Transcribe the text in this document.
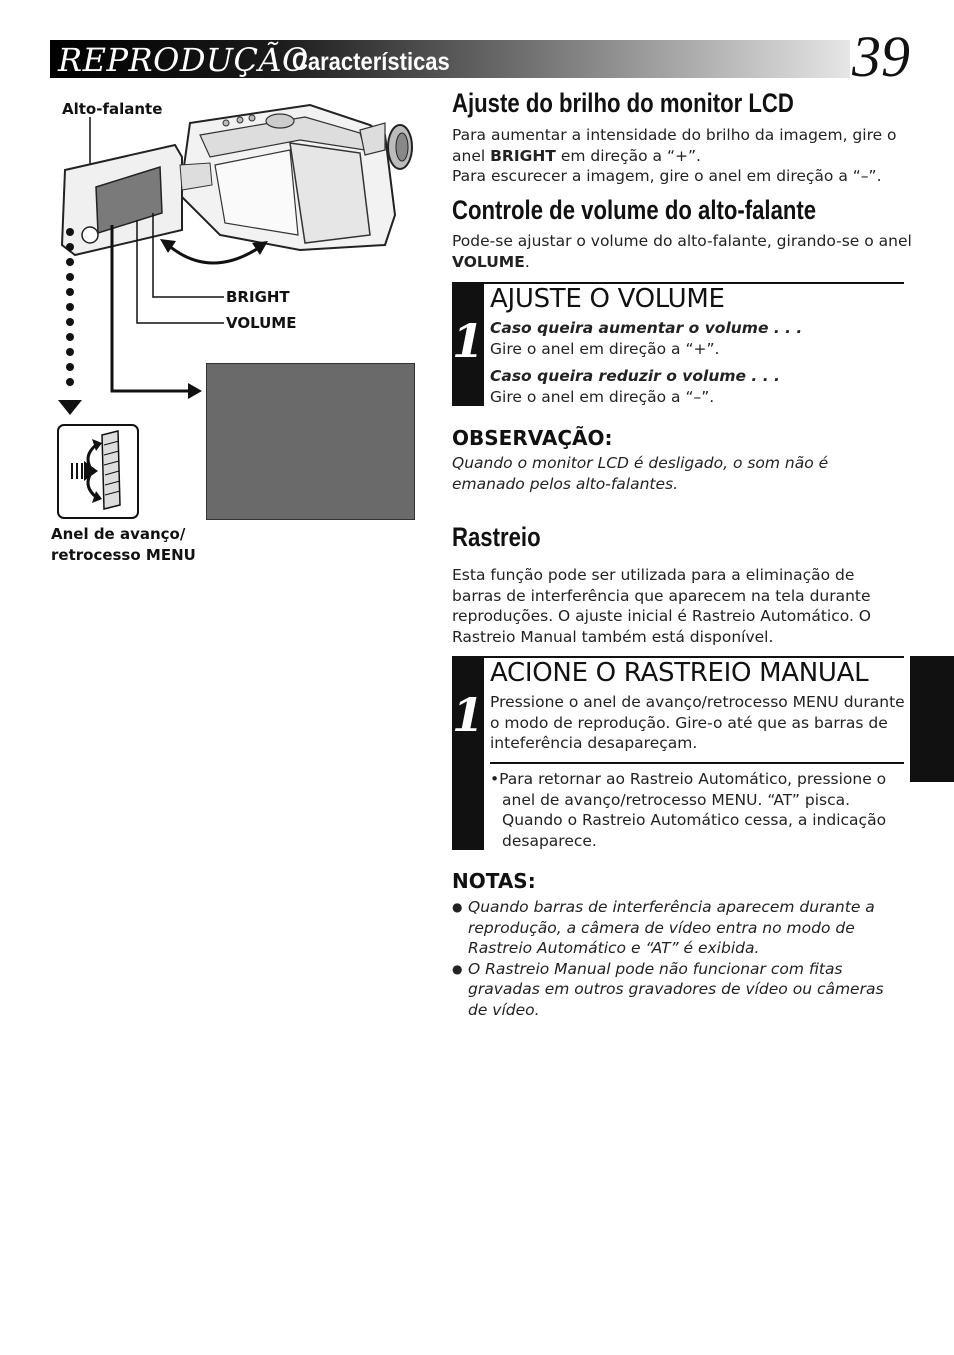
REPRODUÇÃO
Características	39
Alto-falante
BRIGHT
VOLUME
Anel de avanço/
retrocesso MENU
Ajuste do brilho do monitor LCD
Para aumentar a intensidade do brilho da imagem, gire o anel BRIGHT em direção a “+”.
Para escurecer a imagem, gire o anel em direção a “–”.
Controle de volume do alto-falante
Pode-se ajustar o volume do alto-falante, girando-se o anel VOLUME.
1
AJUSTE O VOLUME
Caso queira aumentar o volume . . .
Gire o anel em direção a “+”.
Caso queira reduzir o volume . . .
Gire o anel em direção a “–”.
OBSERVAÇÃO:
Quando o monitor LCD é desligado, o som não é emanado pelos alto-falantes.
Rastreio
Esta função pode ser utilizada para a eliminação de barras de interferência que aparecem na tela durante reproduções. O ajuste inicial é Rastreio Automático. O Rastreio Manual também está disponível.
1
ACIONE O RASTREIO MANUAL
Pressione o anel de avanço/retrocesso MENU durante o modo de reprodução. Gire-o até que as barras de inteferência desapareçam.
•Para retornar ao Rastreio Automático, pressione o anel de avanço/retrocesso MENU. “AT” pisca. Quando o Rastreio Automático cessa, a indicação desaparece.
NOTAS:
● Quando barras de interferência aparecem durante a reprodução, a câmera de vídeo entra no modo de Rastreio Automático e “AT” é exibida.
● O Rastreio Manual pode não funcionar com fitas gravadas em outros gravadores de vídeo ou câmeras de vídeo.
